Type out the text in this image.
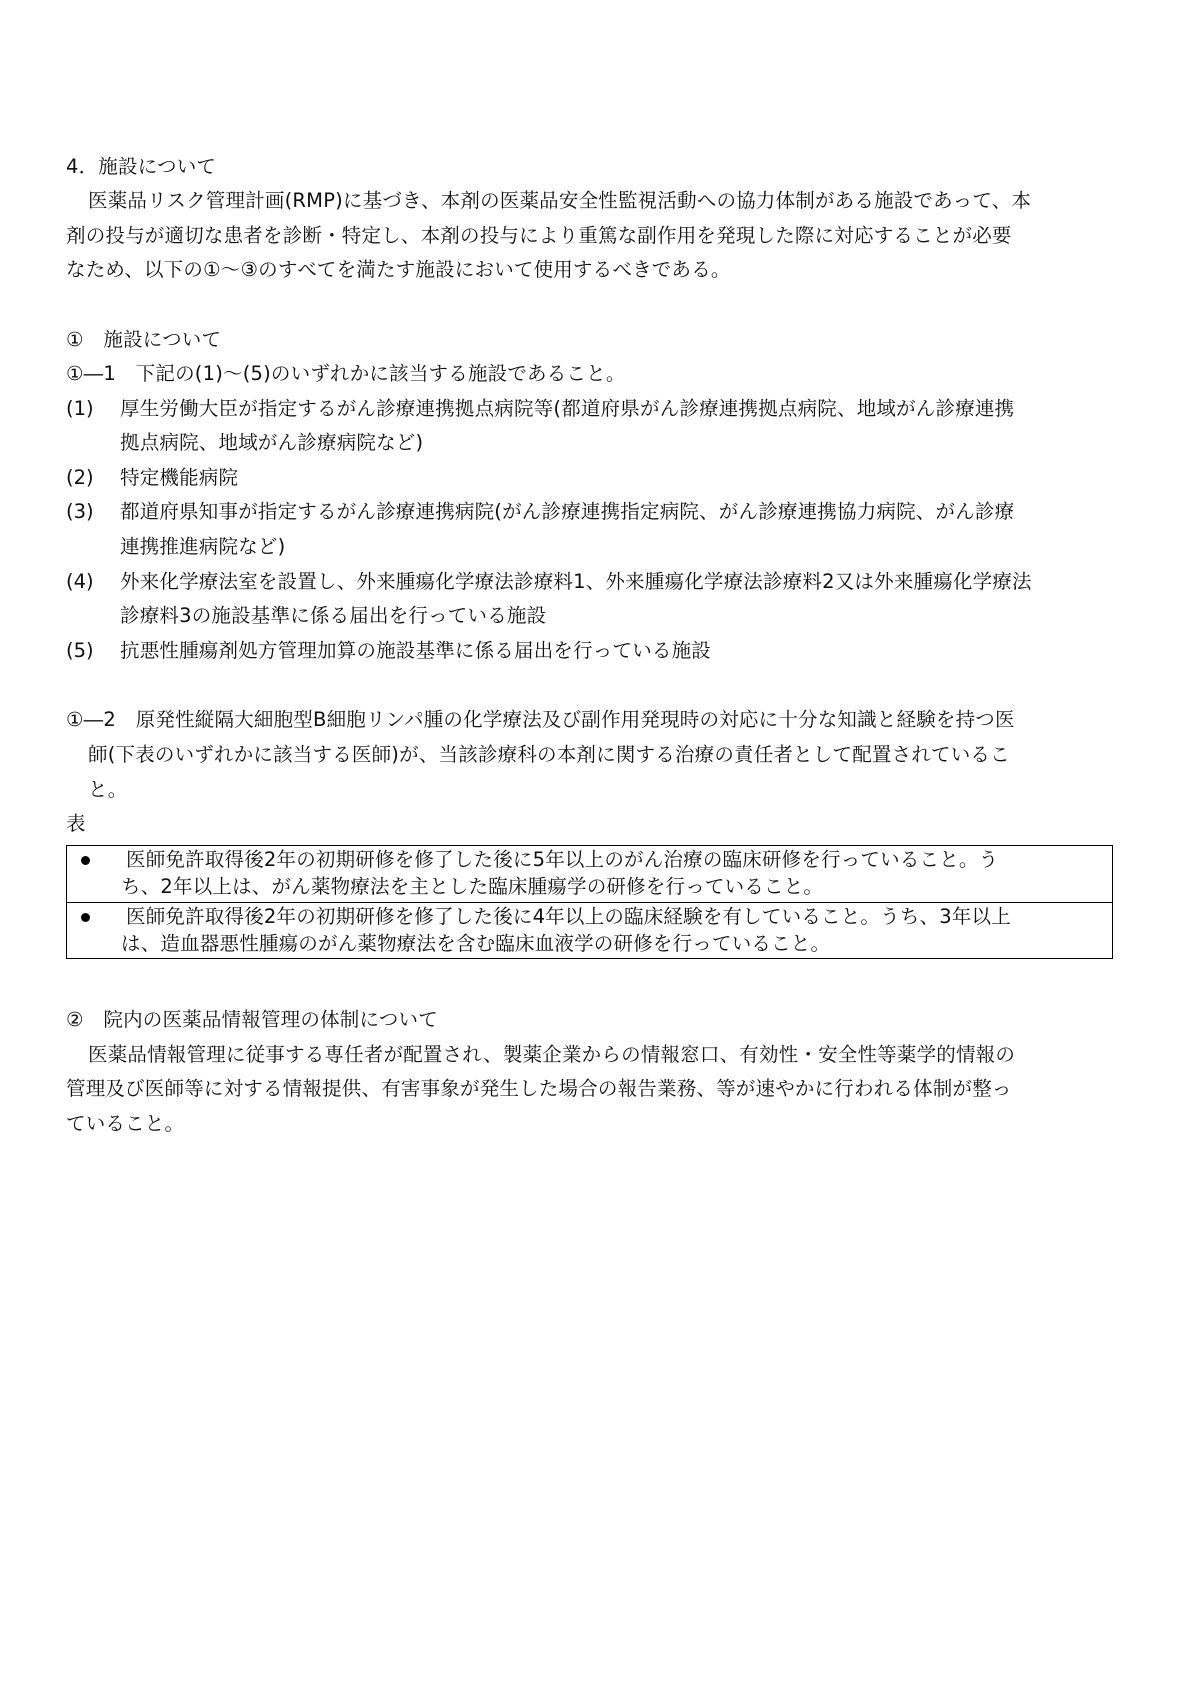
4．施設について
医薬品リスク管理計画(RMP)に基づき、本剤の医薬品安全性監視活動への協力体制がある施設であって、本
剤の投与が適切な患者を診断・特定し、本剤の投与により重篤な副作用を発現した際に対応することが必要
なため、以下の①～③のすべてを満たす施設において使用するべきである。
①　施設について
①―1　下記の(1)～(5)のいずれかに該当する施設であること。
(1) 厚生労働大臣が指定するがん診療連携拠点病院等(都道府県がん診療連携拠点病院、地域がん診療連携
拠点病院、地域がん診療病院など)
(2) 特定機能病院
(3) 都道府県知事が指定するがん診療連携病院(がん診療連携指定病院、がん診療連携協力病院、がん診療
連携推進病院など)
(4) 外来化学療法室を設置し、外来腫瘍化学療法診療料1、外来腫瘍化学療法診療料2又は外来腫瘍化学療法
診療料3の施設基準に係る届出を行っている施設
(5) 抗悪性腫瘍剤処方管理加算の施設基準に係る届出を行っている施設
①―2　原発性縦隔大細胞型B細胞リンパ腫の化学療法及び副作用発現時の対応に十分な知識と経験を持つ医
師(下表のいずれかに該当する医師)が、当該診療科の本剤に関する治療の責任者として配置されているこ
と。
表
医師免許取得後2年の初期研修を修了した後に5年以上のがん治療の臨床研修を行っていること。う
ち、2年以上は、がん薬物療法を主とした臨床腫瘍学の研修を行っていること。
医師免許取得後2年の初期研修を修了した後に4年以上の臨床経験を有していること。うち、3年以上
は、造血器悪性腫瘍のがん薬物療法を含む臨床血液学の研修を行っていること。
②　院内の医薬品情報管理の体制について
医薬品情報管理に従事する専任者が配置され、製薬企業からの情報窓口、有効性・安全性等薬学的情報の
管理及び医師等に対する情報提供、有害事象が発生した場合の報告業務、等が速やかに行われる体制が整っ
ていること。
